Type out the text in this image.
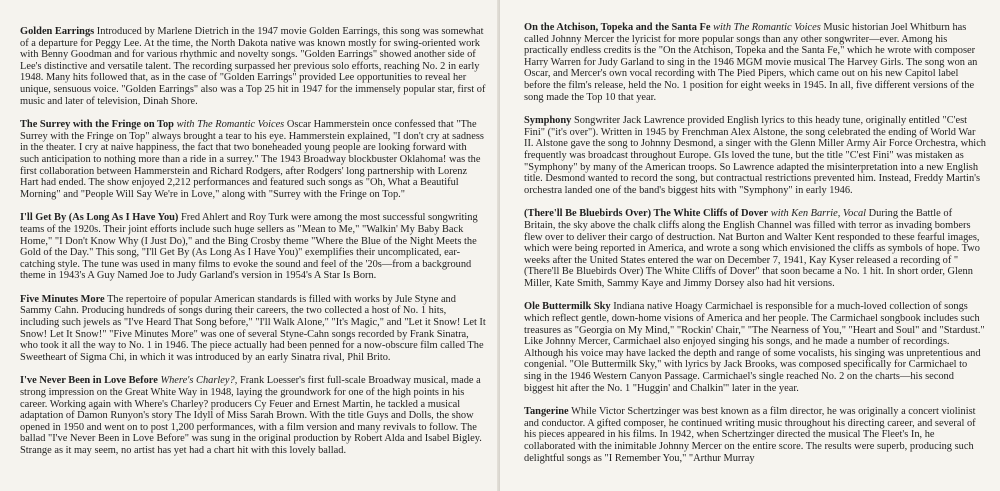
Golden Earrings Introduced by Marlene Dietrich in the 1947 movie Golden Earrings, this song was somewhat of a departure for Peggy Lee. At the time, the North Dakota native was known mostly for swing-oriented work with Benny Goodman and for various rhythmic and novelty songs. "Golden Earrings" showed another side of Lee's distinctive and versatile talent. The recording surpassed her previous solo efforts, reaching No. 2 in early 1948. Many hits followed that, as in the case of "Golden Earrings" provided Lee opportunities to reveal her unique, sensuous voice. "Golden Earrings" also was a Top 25 hit in 1947 for the immensely popular star, first of music and later of television, Dinah Shore.

The Surrey with the Fringe on Top with The Romantic Voices Oscar Hammerstein once confessed that "The Surrey with the Fringe on Top" always brought a tear to his eye. Hammerstein explained, "I don't cry at sadness in the theater. I cry at naive happiness, the fact that two boneheaded young people are looking forward with such anticipation to nothing more than a ride in a surrey." The 1943 Broadway blockbuster Oklahoma! was the first collaboration between Hammerstein and Richard Rodgers, after Rodgers' long partnership with Lorenz Hart had ended. The show enjoyed 2,212 performances and featured such songs as "Oh, What a Beautiful Morning" and "People Will Say We're in Love," along with "Surrey with the Fringe on Top."

I'll Get By (As Long As I Have You) Fred Ahlert and Roy Turk were among the most successful songwriting teams of the 1920s. Their joint efforts include such huge sellers as "Mean to Me," "Walkin' My Baby Back Home," "I Don't Know Why (I Just Do)," and the Bing Crosby theme "Where the Blue of the Night Meets the Gold of the Day." This song, "I'll Get By (As Long As I Have You)" exemplifies their uncomplicated, ear-catching style. The tune was used in many films to evoke the sound and feel of the '20s—from a background theme in 1943's A Guy Named Joe to Judy Garland's version in 1954's A Star Is Born.

Five Minutes More The repertoire of popular American standards is filled with works by Jule Styne and Sammy Cahn. Producing hundreds of songs during their careers, the two collected a host of No. 1 hits, including such jewels as "I've Heard That Song before," "I'll Walk Alone," "It's Magic," and "Let it Snow! Let It Snow! Let It Snow!" "Five Minutes More" was one of several Styne-Cahn songs recorded by Frank Sinatra, who took it all the way to No. 1 in 1946. The piece actually had been penned for a now-obscure film called The Sweetheart of Sigma Chi, in which it was introduced by an early Sinatra rival, Phil Brito.

I've Never Been in Love Before Where's Charley?, Frank Loesser's first full-scale Broadway musical, made a strong impression on the Great White Way in 1948, laying the groundwork for one of the high points in his career. Working again with Where's Charley? producers Cy Feuer and Ernest Martin, he tackled a musical adaptation of Damon Runyon's story The Idyll of Miss Sarah Brown. With the title Guys and Dolls, the show opened in 1950 and went on to post 1,200 performances, with a film version and many revivals to follow. The ballad "I've Never Been in Love Before" was sung in the original production by Robert Alda and Isabel Bigley. Strange as it may seem, no artist has yet had a chart hit with this lovely ballad.

On the Atchison, Topeka and the Santa Fe with The Romantic Voices Music historian Joel Whitburn has called Johnny Mercer the lyricist for more popular songs than any other songwriter—ever. Among his practically endless credits is the "On the Atchison, Topeka and the Santa Fe," which he wrote with composer Harry Warren for Judy Garland to sing in the 1946 MGM movie musical The Harvey Girls. The song won an Oscar, and Mercer's own vocal recording with The Pied Pipers, which came out on his new Capitol label before the film's release, held the No. 1 position for eight weeks in 1945. In all, five different versions of the song made the Top 10 that year.

Symphony Songwriter Jack Lawrence provided English lyrics to this heady tune, originally entitled "C'est Fini" ("it's over"). Written in 1945 by Frenchman Alex Alstone, the song celebrated the ending of World War II. Alstone gave the song to Johnny Desmond, a singer with the Glenn Miller Army Air Force Orchestra, which frequently was broadcast throughout Europe. GIs loved the tune, but the title "C'est Fini" was mistaken as "Symphony" by many of the American troops. So Lawrence adapted the misinterpretation into a new English title. Desmond wanted to record the song, but contractual restrictions prevented him. Instead, Freddy Martin's orchestra landed one of the band's biggest hits with "Symphony" in early 1946.

(There'll Be Bluebirds Over) The White Cliffs of Dover with Ken Barrie, Vocal During the Battle of Britain, the sky above the chalk cliffs along the English Channel was filled with terror as invading bombers flew over to deliver their cargo of destruction. Nat Burton and Walter Kent responded to these fearful images, which were being reported in America, and wrote a song which envisioned the cliffs as symbols of hope. Two weeks after the United States entered the war on December 7, 1941, Kay Kyser released a recording of "(There'll Be Bluebirds Over) The White Cliffs of Dover" that soon became a No. 1 hit. In short order, Glenn Miller, Kate Smith, Sammy Kaye and Jimmy Dorsey also had hit versions.

Ole Buttermilk Sky Indiana native Hoagy Carmichael is responsible for a much-loved collection of songs which reflect gentle, down-home visions of America and her people. The Carmichael songbook includes such treasures as "Georgia on My Mind," "Rockin' Chair," "The Nearness of You," "Heart and Soul" and "Stardust." Like Johnny Mercer, Carmichael also enjoyed singing his songs, and he made a number of recordings. Although his voice may have lacked the depth and range of some vocalists, his singing was unpretentious and congenial. "Ole Buttermilk Sky," with lyrics by Jack Brooks, was composed specifically for Carmichael to sing in the 1946 Western Canyon Passage. Carmichael's single reached No. 2 on the charts—his second biggest hit after the No. 1 "Huggin' and Chalkin'" later in the year.

Tangerine While Victor Schertzinger was best known as a film director, he was originally a concert violinist and conductor. A gifted composer, he continued writing music throughout his directing career, and several of his pieces appeared in his films. In 1942, when Schertzinger directed the musical The Fleet's In, he collaborated with the inimitable Johnny Mercer on the entire score. The results were superb, producing such delightful songs as "I Remember You," "Arthur Murray
